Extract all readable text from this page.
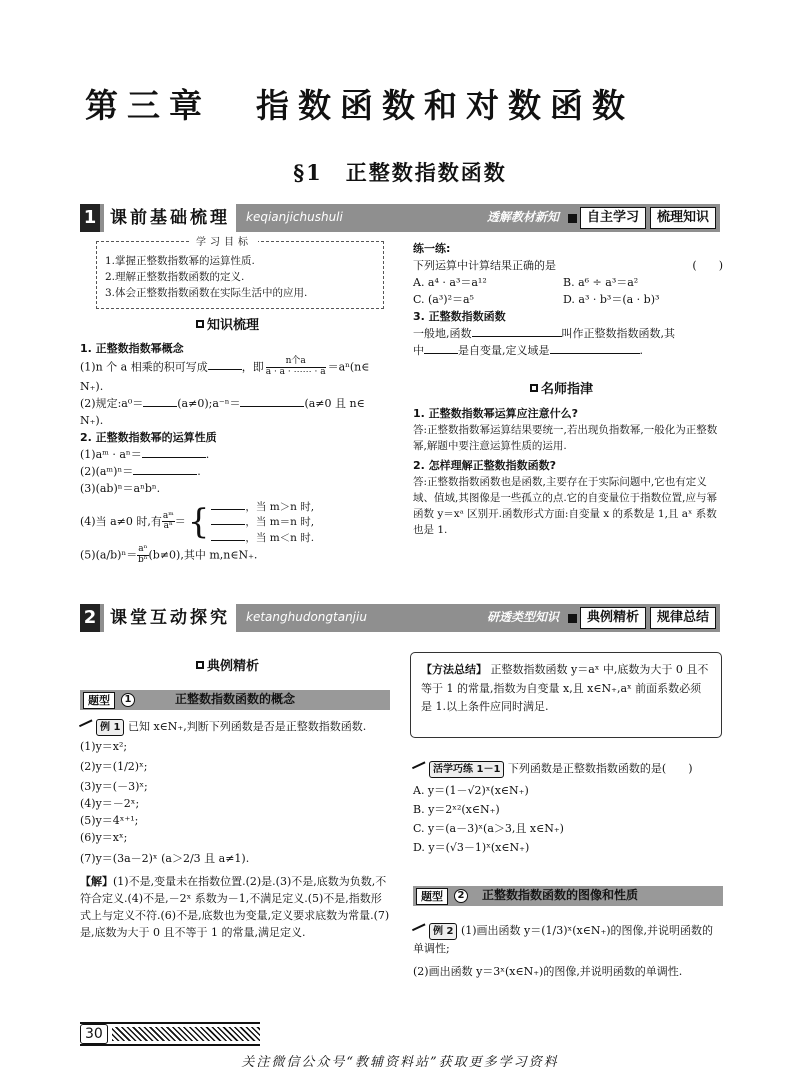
第三章 指数函数和对数函数
§1　正整数指数函数
1 课前基础梳理	keqianjichushuli	透解教材新知	自主学习	梳理知识
1.掌握正整数指数幂的运算性质.
2.理解正整数指数函数的定义.
3.体会正整数指数函数在实际生活中的应用.
学习目标
知识梳理
1. 正整数指数幂概念
(1)n 个 a 相乘的积可写成	，即 $\frac{\text{n个a}}{a \cdot a \cdot \cdots\cdots \cdot a}$ ＝aⁿ(n∈
N₊).
(2)规定:a⁰＝	(a≠0);a⁻ⁿ＝	(a≠0 且 n∈
N₊).
2. 正整数指数幂的运算性质
(1)aᵐ · aⁿ＝	.
(2)(aᵐ)ⁿ＝	.
(3)(ab)ⁿ＝aⁿbⁿ.
(4)当 a≠0 时,有 $\frac{\text{aᵐ}}{\text{aⁿ}}$ ＝{	，当 m＞n 时,
，当 m＝n 时,
，当 m＜n 时.
$(5)(a/b)^n= \frac{\text{aⁿ}}{\text{bⁿ}} (b\ne 0)$,其中 m,n∈N₊.
练一练:
下列运算中计算结果正确的是	(　　)
A. a⁴ · a³＝a¹²	B. a⁶ ÷ a³＝a²
C. (a³)²＝a⁵	D. a³ · b³＝(a · b)³
3. 正整数指数函数
一般地,函数	叫作正整数指数函数,其
中	是自变量,定义域是	.
名师指津
1. 正整数指数幂运算应注意什么?
答:正整数指数幂运算结果要统一,若出现负指数幂,一般化为正整数幂,解题中要注意运算性质的运用.
2. 怎样理解正整数指数函数?
答:正整数指数函数也是函数,主要存在于实际问题中,它也有定义域、值域,其图像是一些孤立的点.它的自变量位于指数位置,应与幂函数 y＝xᵃ 区别开.函数形式方面:自变量 x 的系数是 1,且 aˣ 系数也是 1.
2 课堂互动探究	ketanghudongtanjiu	研透类型知识	典例精析	规律总结
典例精析
题型	1	正整数指数函数的概念
例 1 已知 x∈N₊,判断下列函数是否是正整数指数函数.
(1)y＝x²;
(2)y＝(1/2)ˣ;
(3)y＝(－3)ˣ;
(4)y＝－2ˣ;
(5)y＝4ˣ⁺¹;
(6)y＝xˣ;
(7)y＝(3a－2)ˣ (a＞2/3 且 a≠1).
【解】(1)不是,变量未在指数位置.(2)是.(3)不是,底数为负数,不符合定义.(4)不是,－2ˣ 系数为－1,不满足定义.(5)不是,指数形式上与定义不符.(6)不是,底数也为变量,定义要求底数为常量.(7)是,底数为大于 0 且不等于 1 的常量,满足定义.
【方法总结】 正整数指数函数 y＝aˣ 中,底数为大于 0 且不等于 1 的常量,指数为自变量 x,且 x∈N₊,aˣ 前面系数必须是 1.以上条件应同时满足.
活学巧练 1－1 下列函数是正整数指数函数的是(　　)
A. y＝(1－√2)ˣ(x∈N₊)
B. y＝2ˣ²(x∈N₊)
C. y＝(a－3)ˣ(a＞3,且 x∈N₊)
D. y＝(√3－1)ˣ(x∈N₊)
题型	2 正整数指数函数的图像和性质
例 2 (1)画出函数 y＝(1/3)ˣ(x∈N₊)的图像,并说明函数的单调性;
(2)画出函数 y＝3ˣ(x∈N₊)的图像,并说明函数的单调性.
30
关注微信公众号“教辅资料站”获取更多学习资料
